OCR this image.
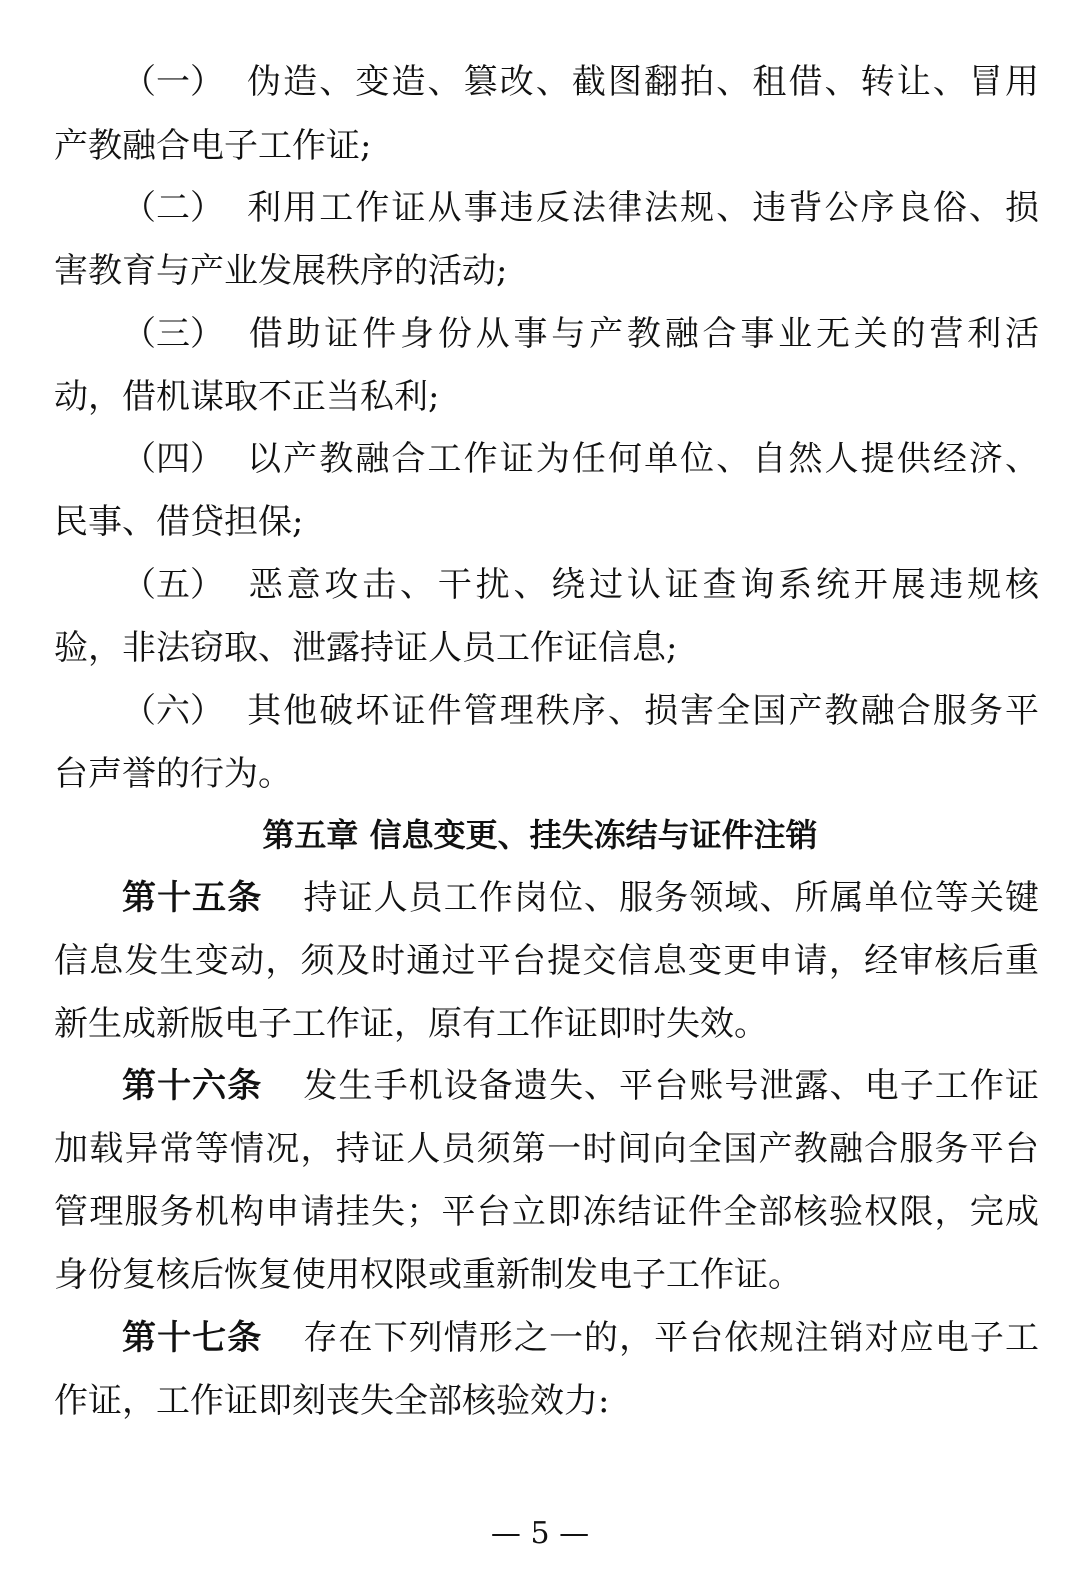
（一） 伪造、变造、篡改、截图翻拍、租借、转让、冒用
产教融合电子工作证;
（二） 利用工作证从事违反法律法规、违背公序良俗、损
害教育与产业发展秩序的活动;
（三） 借助证件身份从事与产教融合事业无关的营利活
动，借机谋取不正当私利;
（四） 以产教融合工作证为任何单位、自然人提供经济、
民事、借贷担保;
（五） 恶意攻击、干扰、绕过认证查询系统开展违规核
验，非法窃取、泄露持证人员工作证信息;
（六） 其他破坏证件管理秩序、损害全国产教融合服务平
台声誉的行为。
第五章 信息变更、挂失冻结与证件注销
第十五条 持证人员工作岗位、服务领域、所属单位等关键
信息发生变动，须及时通过平台提交信息变更申请，经审核后重
新生成新版电子工作证，原有工作证即时失效。
第十六条 发生手机设备遗失、平台账号泄露、电子工作证
加载异常等情况，持证人员须第一时间向全国产教融合服务平台
管理服务机构申请挂失；平台立即冻结证件全部核验权限，完成
身份复核后恢复使用权限或重新制发电子工作证。
第十七条 存在下列情形之一的，平台依规注销对应电子工
作证，工作证即刻丧失全部核验效力:
— 5 —
